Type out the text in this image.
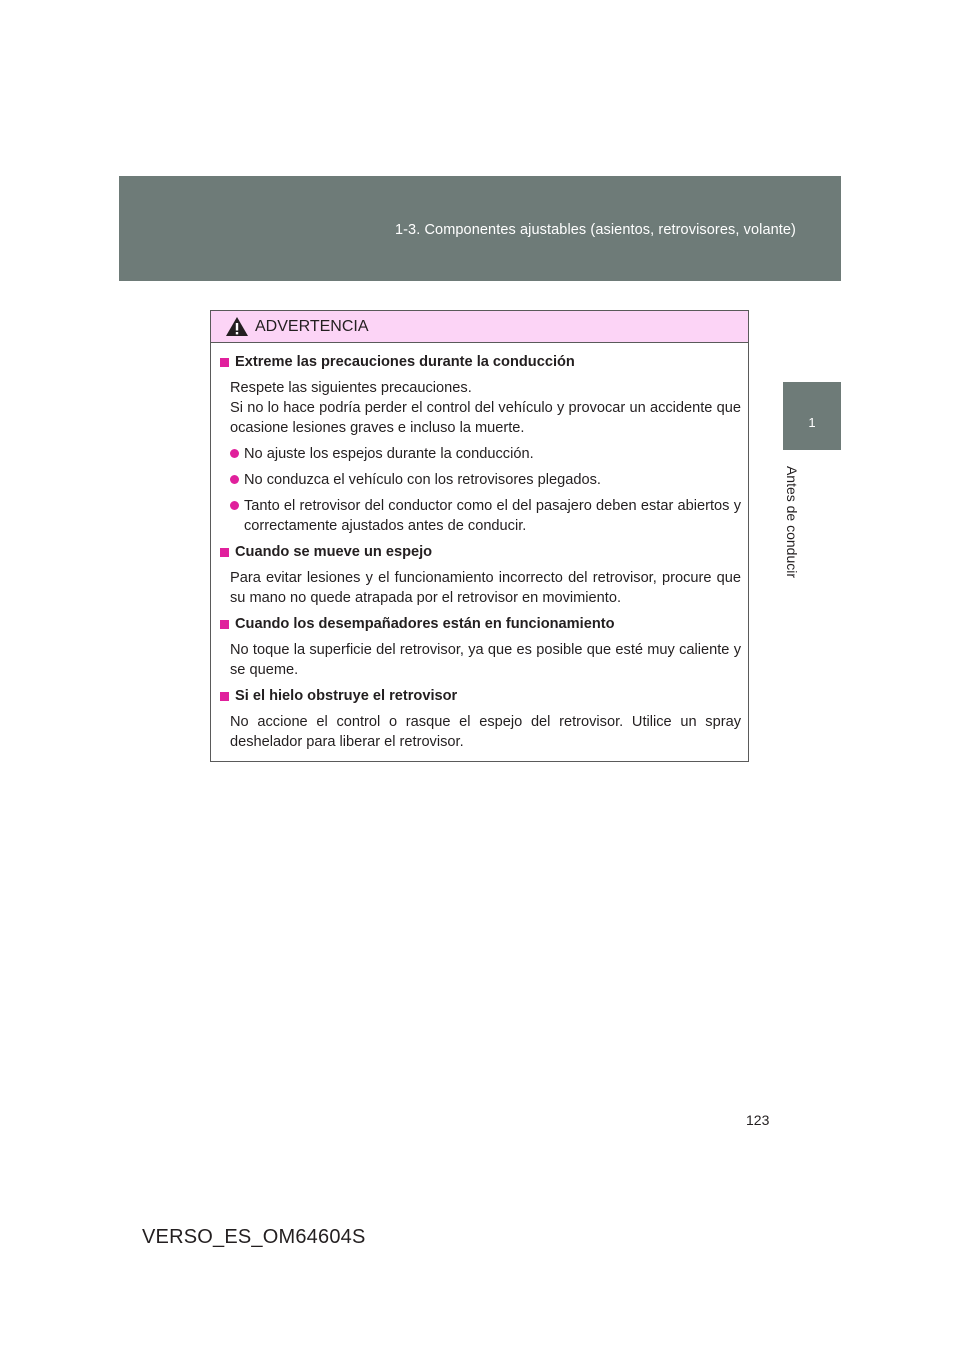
1-3. Componentes ajustables (asientos, retrovisores, volante)
1
Antes de conducir
ADVERTENCIA
Extreme las precauciones durante la conducción
Respete las siguientes precauciones.
Si no lo hace podría perder el control del vehículo y provocar un accidente que ocasione lesiones graves e incluso la muerte.
No ajuste los espejos durante la conducción.
No conduzca el vehículo con los retrovisores plegados.
Tanto el retrovisor del conductor como el del pasajero deben estar abiertos y correctamente ajustados antes de conducir.
Cuando se mueve un espejo
Para evitar lesiones y el funcionamiento incorrecto del retrovisor, procure que su mano no quede atrapada por el retrovisor en movimiento.
Cuando los desempañadores están en funcionamiento
No toque la superficie del retrovisor, ya que es posible que esté muy caliente y se queme.
Si el hielo obstruye el retrovisor
No accione el control o rasque el espejo del retrovisor. Utilice un spray deshelador para liberar el retrovisor.
123
VERSO_ES_OM64604S
